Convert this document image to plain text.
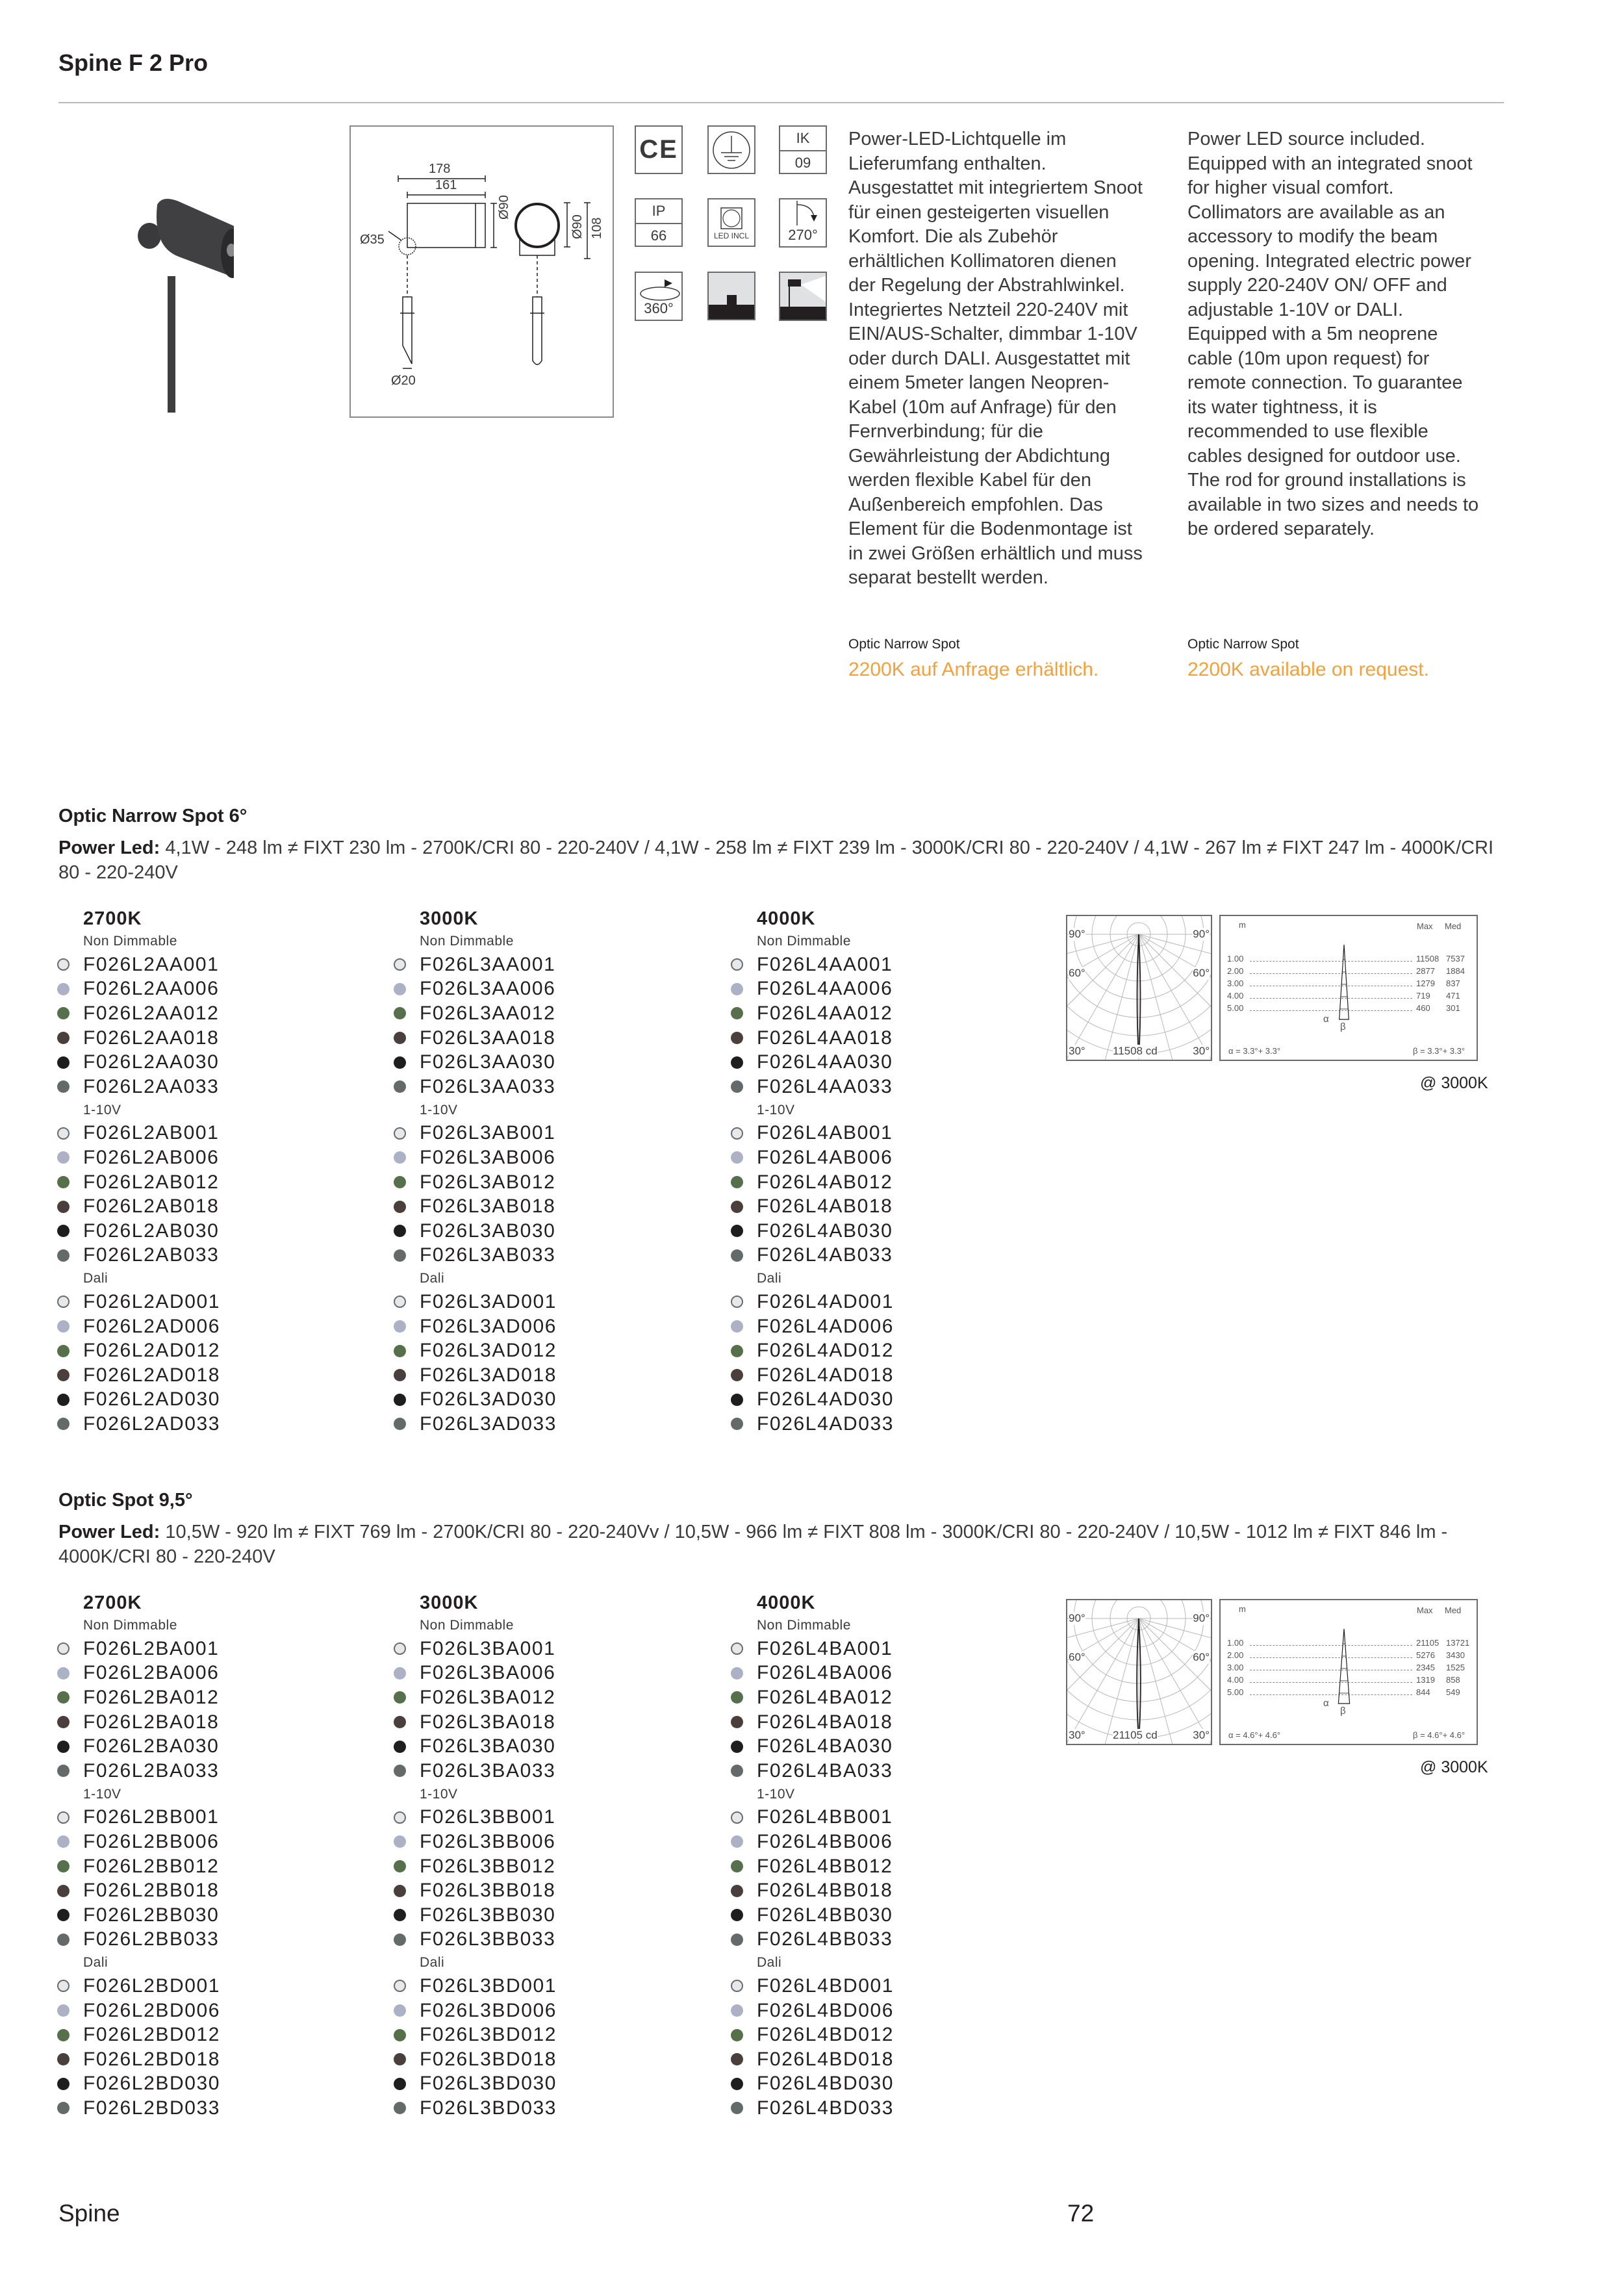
Spine F 2 Pro
178
161
Ø90
Ø35
Ø20
Ø90 108
CE	IK
09
IP
66	LED INCL	270°
360°
Power-LED-Lichtquelle im Lieferumfang enthalten. Ausgestattet mit integriertem Snoot für einen gesteigerten visuellen Komfort. Die als Zubehör erhältlichen Kollimatoren dienen der Regelung der Abstrahlwinkel. Integriertes Netzteil 220-240V mit EIN/AUS-Schalter, dimmbar 1-10V oder durch DALI. Ausgestattet mit einem 5meter langen Neopren-Kabel (10m auf Anfrage) für den Fernverbindung; für die Gewährleistung der Abdichtung werden flexible Kabel für den Außenbereich empfohlen. Das Element für die Bodenmontage ist in zwei Größen erhältlich und muss separat bestellt werden.
Power LED source included. Equipped with an integrated snoot for higher visual comfort. Collimators are available as an accessory to modify the beam opening. Integrated electric power supply 220-240V ON/ OFF and adjustable 1-10V or DALI. Equipped with a 5m neoprene cable (10m upon request) for remote connection. To guarantee its water tightness, it is recommended to use flexible cables designed for outdoor use. The rod for ground installations is available in two sizes and needs to be ordered separately.
Optic Narrow Spot
2200K auf Anfrage erhältlich.
Optic Narrow Spot
2200K available on request.
Optic Narrow Spot 6°
Power Led: 4,1W - 248 lm ≠ FIXT 230 lm - 2700K/CRI 80 - 220-240V / 4,1W - 258 lm ≠ FIXT 239 lm - 3000K/CRI 80 - 220-240V / 4,1W - 267 lm ≠ FIXT 247 lm - 4000K/CRI 80 - 220-240V
Optic Spot 9,5°
Power Led: 10,5W - 920 lm ≠ FIXT 769 lm - 2700K/CRI 80 - 220-240Vv / 10,5W - 966 lm ≠ FIXT 808 lm - 3000K/CRI 80 - 220-240V / 10,5W - 1012 lm ≠ FIXT 846 lm - 4000K/CRI 80 - 220-240V
Spine	72
2700K
Non Dimmable
F026L2AA001
F026L2AA006
F026L2AA012
F026L2AA018
F026L2AA030
F026L2AA033
1-10V
F026L2AB001
F026L2AB006
F026L2AB012
F026L2AB018
F026L2AB030
F026L2AB033
Dali
F026L2AD001
F026L2AD006
F026L2AD012
F026L2AD018
F026L2AD030
F026L2AD033
3000K
Non Dimmable
F026L3AA001
F026L3AA006
F026L3AA012
F026L3AA018
F026L3AA030
F026L3AA033
1-10V
F026L3AB001
F026L3AB006
F026L3AB012
F026L3AB018
F026L3AB030
F026L3AB033
Dali
F026L3AD001
F026L3AD006
F026L3AD012
F026L3AD018
F026L3AD030
F026L3AD033
4000K
Non Dimmable
F026L4AA001
F026L4AA006
F026L4AA012
F026L4AA018
F026L4AA030
F026L4AA033
1-10V
F026L4AB001
F026L4AB006
F026L4AB012
F026L4AB018
F026L4AB030
F026L4AB033
Dali
F026L4AD001
F026L4AD006
F026L4AD012
F026L4AD018
F026L4AD030
F026L4AD033
90°	90°
60°	60°
30°	30°
11508 cd
m	Max Med
1.00	11508 7537
2.00	2877 1884
3.00	1279 837
4.00	719 471
5.00	460 301
α
β
α = 3.3°+ 3.3°	β = 3.3°+ 3.3°
@ 3000K
2700K
Non Dimmable
F026L2BA001
F026L2BA006
F026L2BA012
F026L2BA018
F026L2BA030
F026L2BA033
1-10V
F026L2BB001
F026L2BB006
F026L2BB012
F026L2BB018
F026L2BB030
F026L2BB033
Dali
F026L2BD001
F026L2BD006
F026L2BD012
F026L2BD018
F026L2BD030
F026L2BD033
3000K
Non Dimmable
F026L3BA001
F026L3BA006
F026L3BA012
F026L3BA018
F026L3BA030
F026L3BA033
1-10V
F026L3BB001
F026L3BB006
F026L3BB012
F026L3BB018
F026L3BB030
F026L3BB033
Dali
F026L3BD001
F026L3BD006
F026L3BD012
F026L3BD018
F026L3BD030
F026L3BD033
4000K
Non Dimmable
F026L4BA001
F026L4BA006
F026L4BA012
F026L4BA018
F026L4BA030
F026L4BA033
1-10V
F026L4BB001
F026L4BB006
F026L4BB012
F026L4BB018
F026L4BB030
F026L4BB033
Dali
F026L4BD001
F026L4BD006
F026L4BD012
F026L4BD018
F026L4BD030
F026L4BD033
90°	90°
60°	60°
30°	30°
21105 cd
m	Max Med
1.00	21105 13721
2.00	5276 3430
3.00	2345 1525
4.00	1319 858
5.00	844 549
α
β
α = 4.6°+ 4.6°	β = 4.6°+ 4.6°
@ 3000K
